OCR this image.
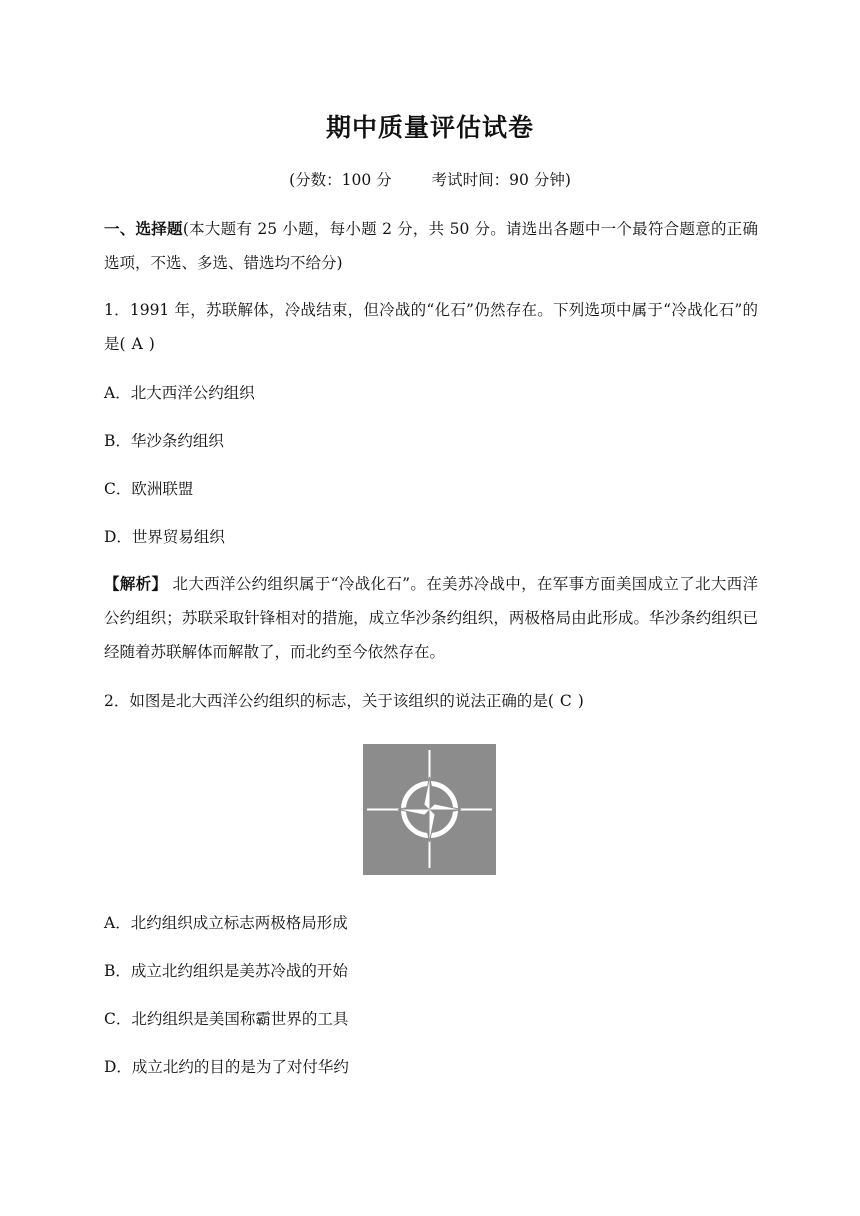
期中质量评估试卷
(分数：100 分	考试时间：90 分钟)
一、选择题(本大题有 25 小题，每小题 2 分，共 50 分。请选出各题中一个最符合题意的正确选项，不选、多选、错选均不给分)
1．1991 年，苏联解体，冷战结束，但冷战的“化石”仍然存在。下列选项中属于“冷战化石”的是( A )
A．北大西洋公约组织
B．华沙条约组织
C．欧洲联盟
D．世界贸易组织
【解析】 北大西洋公约组织属于“冷战化石”。在美苏冷战中，在军事方面美国成立了北大西洋公约组织；苏联采取针锋相对的措施，成立华沙条约组织，两极格局由此形成。华沙条约组织已经随着苏联解体而解散了，而北约至今依然存在。
2．如图是北大西洋公约组织的标志，关于该组织的说法正确的是( C )
A．北约组织成立标志两极格局形成
B．成立北约组织是美苏冷战的开始
C．北约组织是美国称霸世界的工具
D．成立北约的目的是为了对付华约
